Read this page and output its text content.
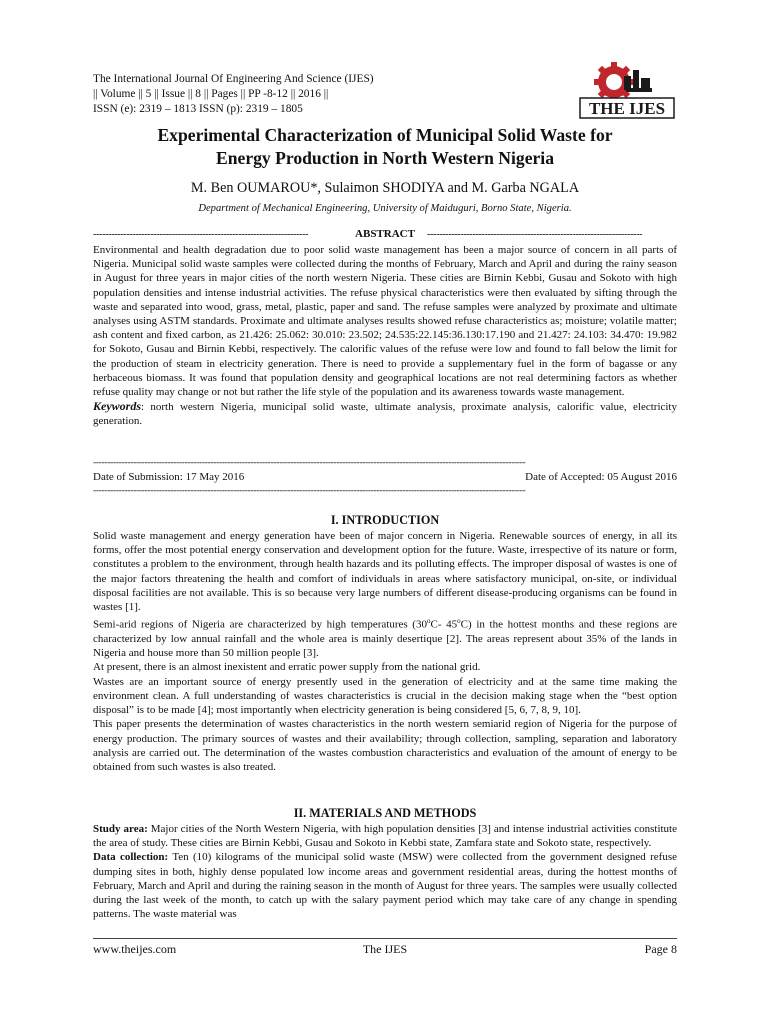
The International Journal Of Engineering And Science (IJES)
|| Volume || 5 || Issue || 8 || Pages || PP -8-12 || 2016 ||
ISSN (e): 2319 – 1813 ISSN (p): 2319 – 1805	THE IJES
Experimental Characterization of Municipal Solid Waste for
Energy Production in North Western Nigeria
M. Ben OUMAROU*, Sulaimon SHODIYA and M. Garba NGALA
Department of Mechanical Engineering, University of Maiduguri, Borno State, Nigeria.
-----------------------------------------------------------------------	-----------------------------------------------------------------------
ABSTRACT

Environmental and health degradation due to poor solid waste management has been a major source of concern in all parts of Nigeria. Municipal solid waste samples were collected during the months of February, March and April and during the rainy season in August for three years in major cities of the north western Nigeria. These cities are Birnin Kebbi, Gusau and Sokoto with high population densities and intense industrial activities. The refuse physical characteristics were then evaluated by sifting through the waste and separated into wood, grass, metal, plastic, paper and sand. The refuse samples were analyzed by proximate and ultimate analyses using ASTM standards. Proximate and ultimate analyses results showed refuse characteristics as; moisture; volatile matter; ash content and fixed carbon, as 21.426: 25.062: 30.010: 23.502; 24.535:22.145:36.130:17.190 and 21.427: 24.103: 34.470: 19.982 for Sokoto, Gusau and Birnin Kebbi, respectively. The calorific values of the refuse were low and found to fall below the limit for the production of steam in electricity generation. There is need to provide a supplementary fuel in the form of bagasse or any herbaceous biomass. It was found that population density and geographical locations are not real determining factors as whether refuse quality may change or not but rather the life style of the population and its awareness towards waste management.

Keywords: north western Nigeria, municipal solid waste, ultimate analysis, proximate analysis, calorific value, electricity generation.

-------------------------------------------------------------------------------------------------------------------------------------------------------
Date of Submission: 17 May 2016	Date of Accepted: 05 August 2016
-------------------------------------------------------------------------------------------------------------------------------------------------------
I. INTRODUCTION

Solid waste management and energy generation have been of major concern in Nigeria. Renewable sources of energy, in all its forms, offer the most potential energy conservation and development option for the future. Waste, irrespective of its nature or form, constitutes a problem to the environment, through health hazards and its polluting effects. The improper disposal of wastes is one of the major factors threatening the health and comfort of individuals in areas where satisfactory municipal, on-site, or individual disposal facilities are not available. This is so because very large numbers of different disease-producing organisms can be found in wastes [1].

Semi-arid regions of Nigeria are characterized by high temperatures (30$^o$C- 45$^o$C) in the hottest months and these regions are characterized by low annual rainfall and the whole area is mainly desertique [2]. The areas represent about 35% of the lands in Nigeria and house more than 50 million people [3].

At present, there is an almost inexistent and erratic power supply from the national grid.

Wastes are an important source of energy presently used in the generation of electricity and at the same time making the environment clean. A full understanding of wastes characteristics is crucial in the decision making stage when the “best option disposal” is to be made [4]; most importantly when electricity generation is being considered [5, 6, 7, 8, 9, 10].

This paper presents the determination of wastes characteristics in the north western semiarid region of Nigeria for the purpose of energy production. The primary sources of wastes and their availability; through collection, sampling, separation and laboratory analysis are carried out. The determination of the wastes combustion characteristics and evaluation of the amount of energy to be obtained from such wastes is also treated.

II. MATERIALS AND METHODS

Study area: Major cities of the North Western Nigeria, with high population densities [3] and intense industrial activities constitute the area of study. These cities are Birnin Kebbi, Gusau and Sokoto in Kebbi state, Zamfara state and Sokoto state, respectively.

Data collection: Ten (10) kilograms of the municipal solid waste (MSW) were collected from the government designed refuse dumping sites in both, highly dense populated low income areas and government residential areas, during the hottest months of February, March and April and during the raining season in the month of August for three years. The samples were usually collected during the last week of the month, to catch up with the salary payment period which may take care of any change in spending patterns. The waste material was

www.theijes.com	The IJES	Page 8
